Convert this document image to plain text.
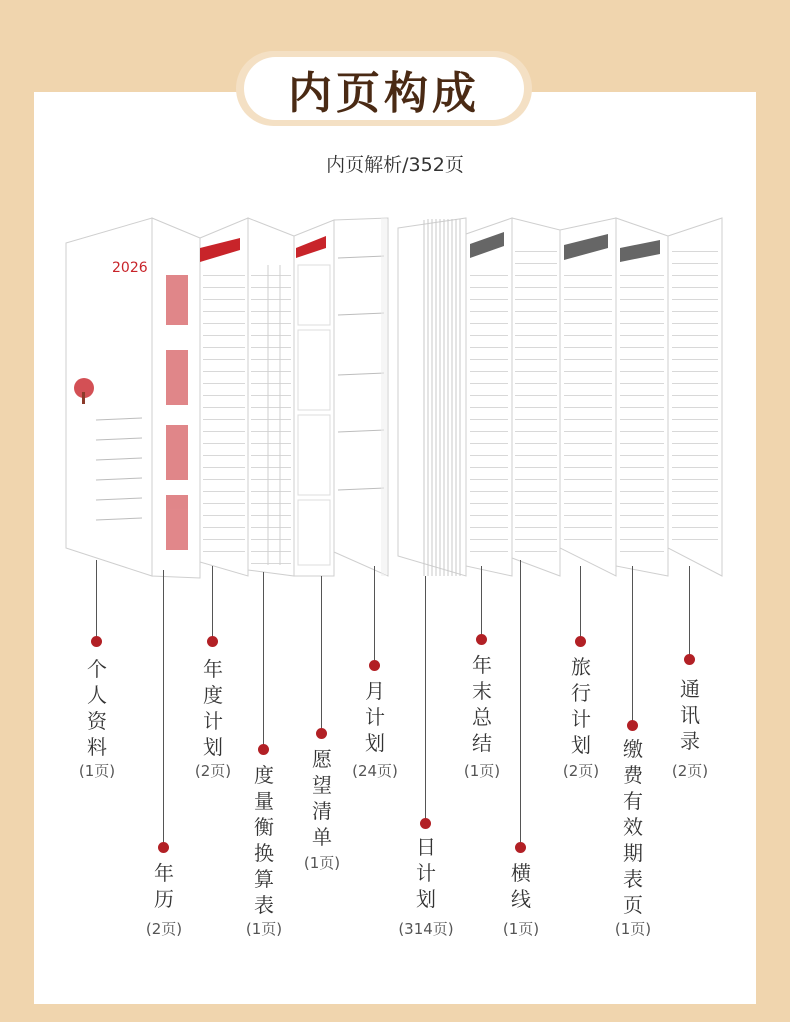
内页构成
内页解析/352页
2026
个人资料
(1页)
年历
(2页)
年度计划
(2页)	度量衡换算表
(1页)
愿望清单
(1页)
月计划
(24页)
日计划
(314页)
年末总结
(1页)
横线
(1页)
旅行计划
(2页)
缴费有效期表页
(1页)
通讯录
(2页)
